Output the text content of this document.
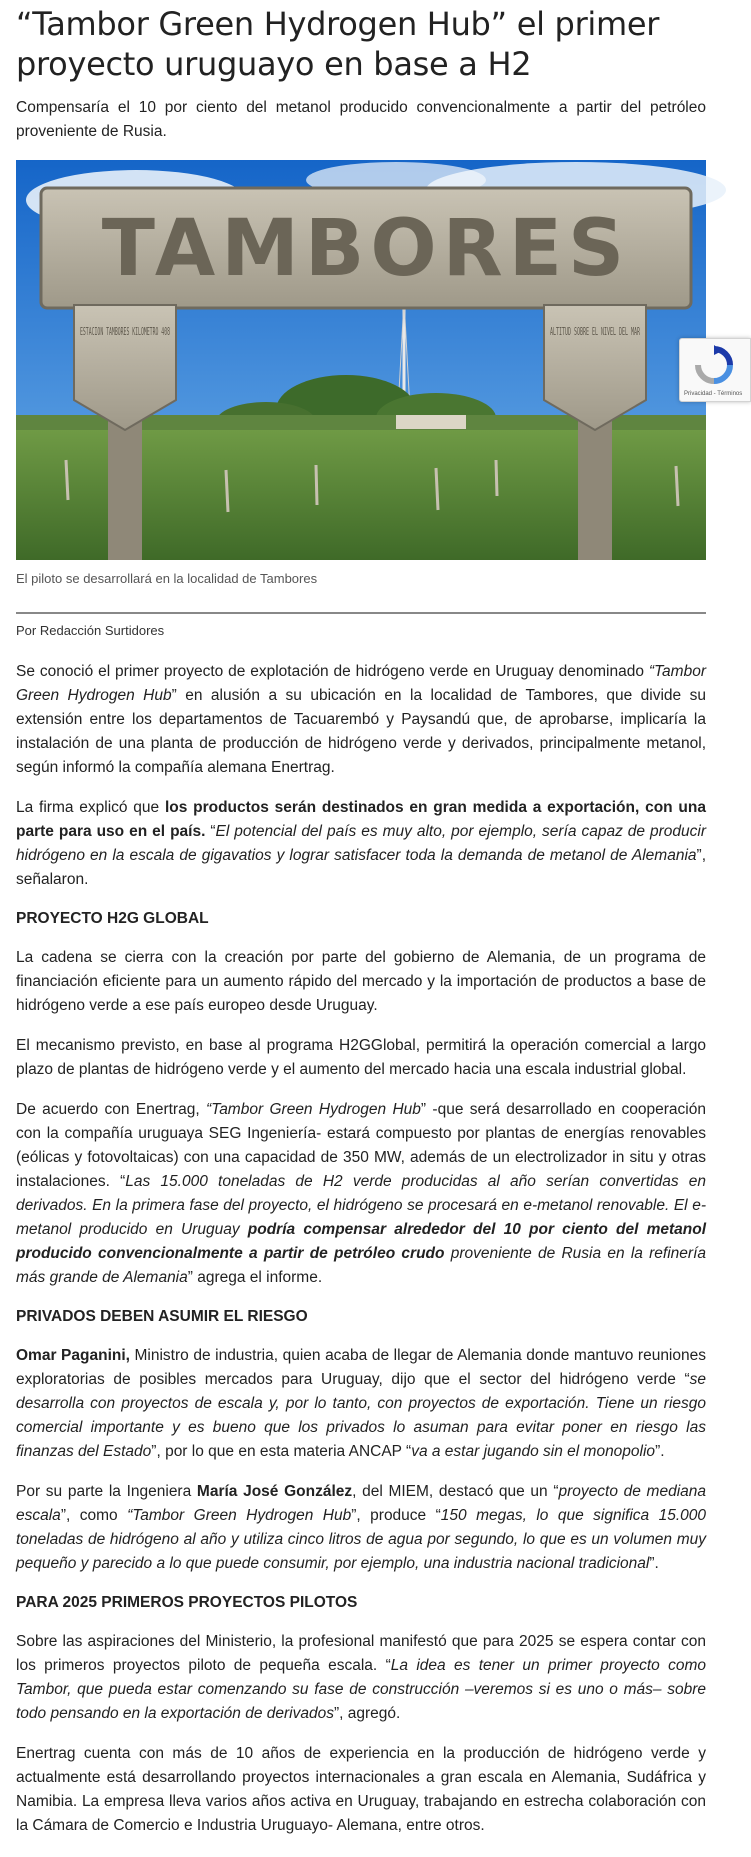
“Tambor Green Hydrogen Hub” el primer proyecto uruguayo en base a H2

Compensaría el 10 por ciento del metanol producido convencionalmente a partir del petróleo proveniente de Rusia.

TAMBORES
ESTACION TAMBORES KILOMETRO 408	ALTITUD SOBRE EL NIVEL DEL MAR
El piloto se desarrollará en la localidad de Tambores
Por Redacción Surtidores

Se conoció el primer proyecto de explotación de hidrógeno verde en Uruguay denominado “Tambor Green Hydrogen Hub” en alusión a su ubicación en la localidad de Tambores, que divide su extensión entre los departamentos de Tacuarembó y Paysandú que, de aprobarse, implicaría la instalación de una planta de producción de hidrógeno verde y derivados, principalmente metanol, según informó la compañía alemana Enertrag.

La firma explicó que los productos serán destinados en gran medida a exportación, con una parte para uso en el país. “El potencial del país es muy alto, por ejemplo, sería capaz de producir hidrógeno en la escala de gigavatios y lograr satisfacer toda la demanda de metanol de Alemania”, señalaron.

PROYECTO H2G GLOBAL

La cadena se cierra con la creación por parte del gobierno de Alemania, de un programa de financiación eficiente para un aumento rápido del mercado y la importación de productos a base de hidrógeno verde a ese país europeo desde Uruguay.

El mecanismo previsto, en base al programa H2GGlobal, permitirá la operación comercial a largo plazo de plantas de hidrógeno verde y el aumento del mercado hacia una escala industrial global.

De acuerdo con Enertrag, “Tambor Green Hydrogen Hub” -que será desarrollado en cooperación con la compañía uruguaya SEG Ingeniería- estará compuesto por plantas de energías renovables (eólicas y fotovoltaicas) con una capacidad de 350 MW, además de un electrolizador in situ y otras instalaciones. “Las 15.000 toneladas de H2 verde producidas al año serían convertidas en derivados. En la primera fase del proyecto, el hidrógeno se procesará en e-metanol renovable. El e-metanol producido en Uruguay podría compensar alrededor del 10 por ciento del metanol producido convencionalmente a partir de petróleo crudo proveniente de Rusia en la refinería más grande de Alemania” agrega el informe.

PRIVADOS DEBEN ASUMIR EL RIESGO

Omar Paganini, Ministro de industria, quien acaba de llegar de Alemania donde mantuvo reuniones exploratorias de posibles mercados para Uruguay, dijo que el sector del hidrógeno verde “se desarrolla con proyectos de escala y, por lo tanto, con proyectos de exportación. Tiene un riesgo comercial importante y es bueno que los privados lo asuman para evitar poner en riesgo las finanzas del Estado”, por lo que en esta materia ANCAP “va a estar jugando sin el monopolio”.

Por su parte la Ingeniera María José González, del MIEM, destacó que un “proyecto de mediana escala”, como “Tambor Green Hydrogen Hub”, produce “150 megas, lo que significa 15.000 toneladas de hidrógeno al año y utiliza cinco litros de agua por segundo, lo que es un volumen muy pequeño y parecido a lo que puede consumir, por ejemplo, una industria nacional tradicional”.

PARA 2025 PRIMEROS PROYECTOS PILOTOS

Sobre las aspiraciones del Ministerio, la profesional manifestó que para 2025 se espera contar con los primeros proyectos piloto de pequeña escala. “La idea es tener un primer proyecto como Tambor, que pueda estar comenzando su fase de construcción –veremos si es uno o más– sobre todo pensando en la exportación de derivados”, agregó.

Enertrag cuenta con más de 10 años de experiencia en la producción de hidrógeno verde y actualmente está desarrollando proyectos internacionales a gran escala en Alemania, Sudáfrica y Namibia. La empresa lleva varios años activa en Uruguay, trabajando en estrecha colaboración con la Cámara de Comercio e Industria Uruguayo- Alemana, entre otros.

Privacidad - Términos
